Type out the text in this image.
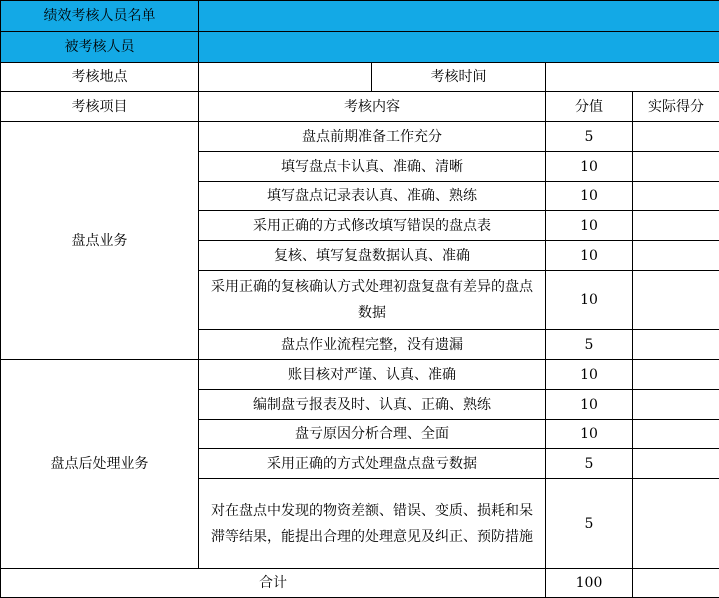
绩效考核人员名单				
被考核人员				
考核地点		考核时间		
考核项目	考核内容		分值	实际得分
盘点业务	盘点前期准备工作充分		5	
	填写盘点卡认真、准确、清晰		10	
	填写盘点记录表认真、准确、熟练		10	
	采用正确的方式修改填写错误的盘点表		10	
	复核、填写复盘数据认真、准确		10	
	采用正确的复核确认方式处理初盘复盘有差异的盘点数据		10	
	盘点作业流程完整，没有遗漏		5	
盘点后处理业务	账目核对严谨、认真、准确		10	
	编制盘亏报表及时、认真、正确、熟练		10	
	盘亏原因分析合理、全面		10	
	采用正确的方式处理盘点盘亏数据		5	
	对在盘点中发现的物资差额、错误、变质、损耗和呆滞等结果，能提出合理的处理意见及纠正、预防措施		5	
合计			100	
